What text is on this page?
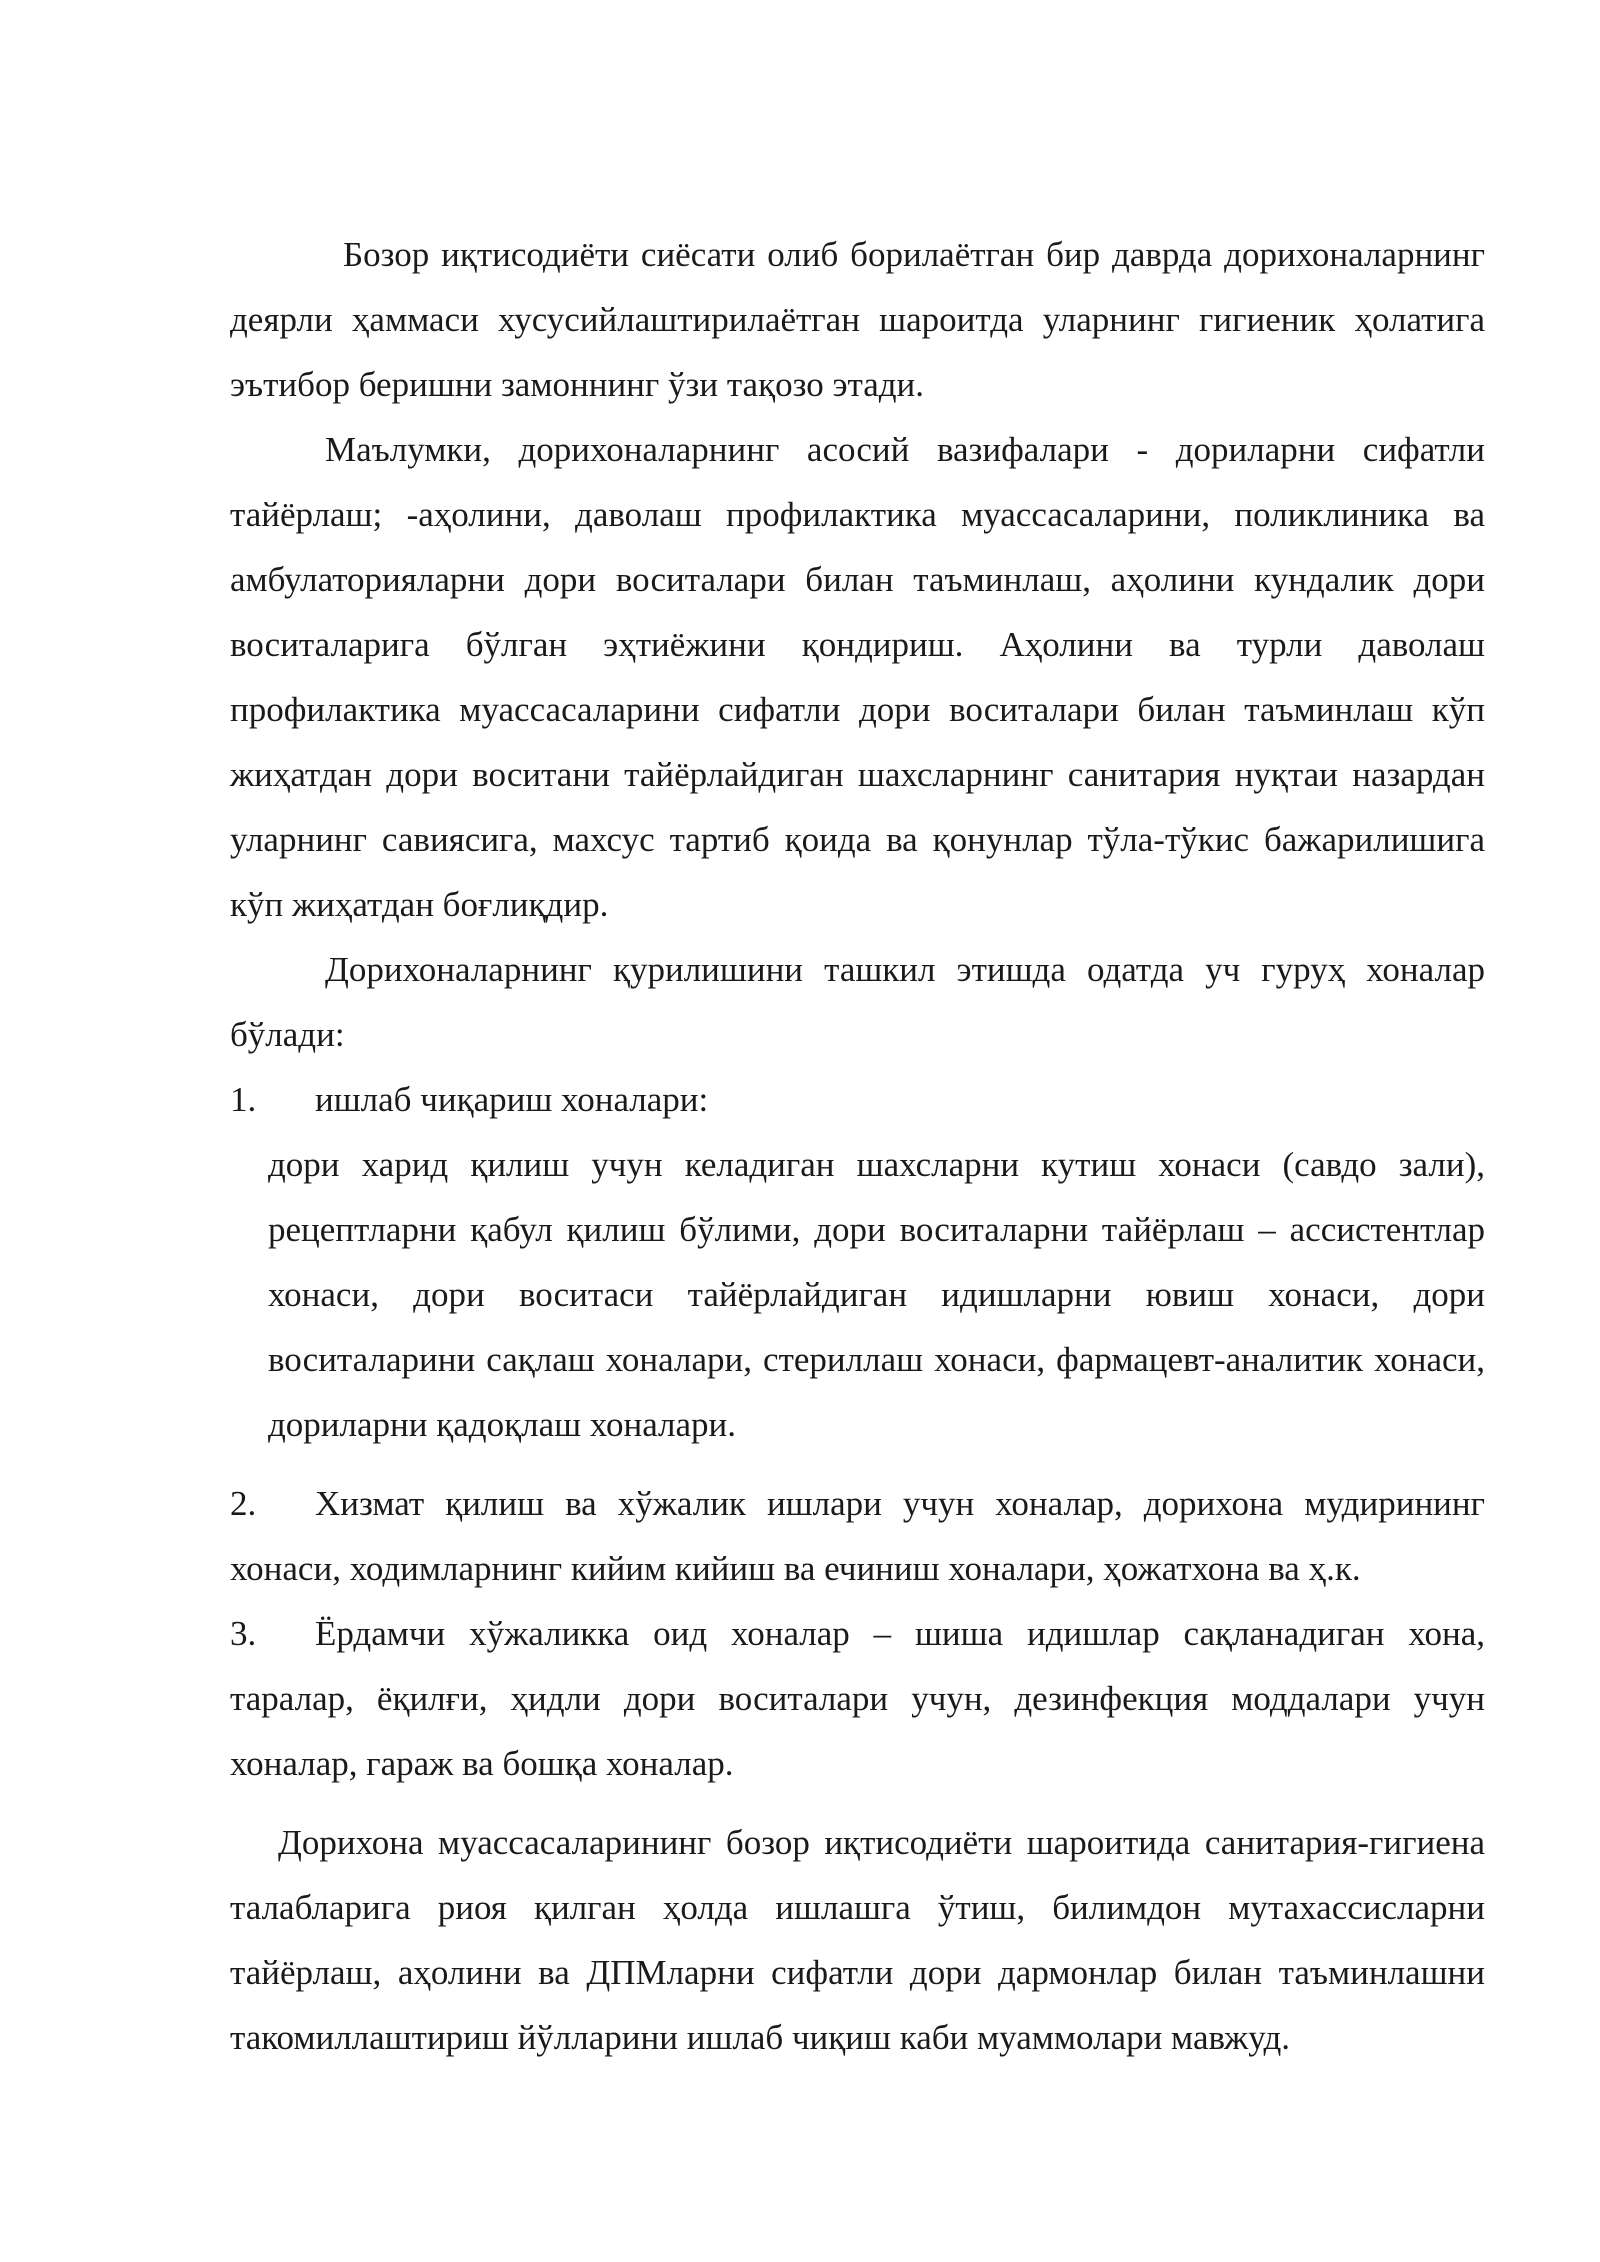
Бозор иқтисодиёти сиёсати олиб борилаётган бир даврда дорихоналарнинг деярли ҳаммаси хусусийлаштирилаётган шароитда уларнинг гигиеник ҳолатига эътибор беришни замоннинг ўзи тақозо этади.

Маълумки, дорихоналарнинг асосий вазифалари - дориларни сифатли тайёрлаш; -аҳолини, даволаш профилактика муассасаларини, поликлиника ва амбулаторияларни дори воситалари билан таъминлаш, аҳолини кундалик дори воситаларига бўлган эҳтиёжини қондириш. Аҳолини ва турли даволаш профилактика муассасаларини сифатли дори воситалари билан таъминлаш кўп жиҳатдан дори воситани тайёрлайдиган шахсларнинг санитария нуқтаи назардан уларнинг савиясига, махсус тартиб қоида ва қонунлар тўла-тўкис бажарилишига кўп жиҳатдан боғлиқдир.

Дорихоналарнинг қурилишини ташкил этишда одатда уч гуруҳ хоналар бўлади:

1.	ишлаб чиқариш хоналари:

дори харид қилиш учун келадиган шахсларни кутиш хонаси (савдо зали), рецептларни қабул қилиш бўлими, дори воситаларни тайёрлаш – ассистентлар хонаси, дори воситаси тайёрлайдиган идишларни ювиш хонаси, дори воситаларини сақлаш хоналари, стериллаш хонаси, фармацевт-аналитик хонаси, дориларни қадоқлаш хоналари.

2. Хизмат қилиш ва хўжалик ишлари учун хоналар, дорихона мудирининг хонаси, ходимларнинг кийим кийиш ва ечиниш хоналари, ҳожатхона ва ҳ.к.

3. Ёрдамчи хўжаликка оид хоналар – шиша идишлар сақланадиган хона, таралар, ёқилғи, ҳидли дори воситалари учун, дезинфекция моддалари учун хоналар, гараж ва бошқа хоналар.

Дорихона муассасаларининг бозор иқтисодиёти шароитида санитария-гигиена талабларига риоя қилган ҳолда ишлашга ўтиш, билимдон мутахассисларни тайёрлаш, аҳолини ва ДПМларни сифатли дори дармонлар билан таъминлашни такомиллаштириш йўлларини ишлаб чиқиш каби муаммолари мавжуд.
